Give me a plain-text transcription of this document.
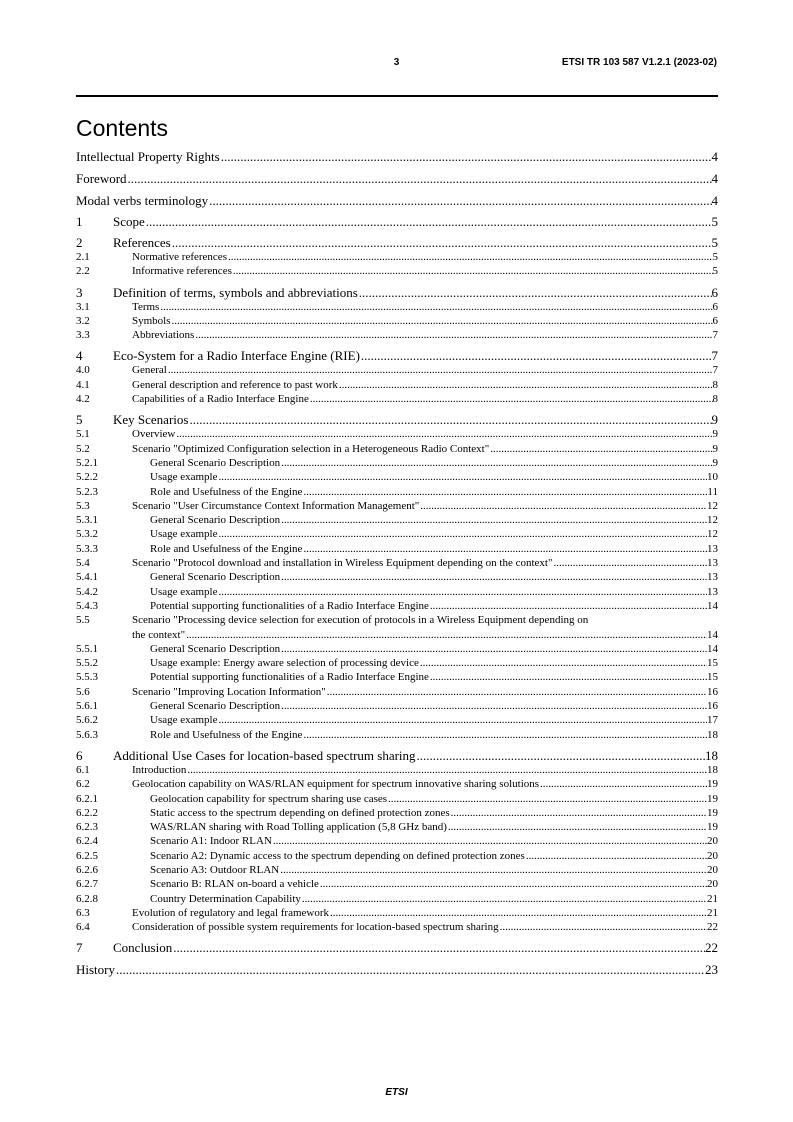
3	ETSI TR 103 587 V1.2.1 (2023-02)
Contents
Intellectual Property Rights .....	4
Foreword .....	4
Modal verbs terminology .....	4
1	Scope .....	5
2	References .....	5
2.1	Normative references .....	5
2.2	Informative references .....	5
3	Definition of terms, symbols and abbreviations .....	6
3.1	Terms .....	6
3.2	Symbols .....	6
3.3	Abbreviations .....	7
4	Eco-System for a Radio Interface Engine (RIE) .....	7
4.0	General .....	7
4.1	General description and reference to past work .....	8
4.2	Capabilities of a Radio Interface Engine .....	8
5	Key Scenarios .....	9
5.1	Overview .....	9
5.2	Scenario "Optimized Configuration selection in a Heterogeneous Radio Context" .....	9
5.2.1	General Scenario Description .....	9
5.2.2	Usage example .....	10
5.2.3	Role and Usefulness of the Engine .....	11
5.3	Scenario "User Circumstance Context Information Management" .....	12
5.3.1	General Scenario Description .....	12
5.3.2	Usage example .....	12
5.3.3	Role and Usefulness of the Engine .....	13
5.4	Scenario "Protocol download and installation in Wireless Equipment depending on the context" .....	13
5.4.1	General Scenario Description .....	13
5.4.2	Usage example .....	13
5.4.3	Potential supporting functionalities of a Radio Interface Engine .....	14
5.5	Scenario "Processing device selection for execution of protocols in a Wireless Equipment depending on
the context" .....	14
5.5.1	General Scenario Description .....	14
5.5.2	Usage example: Energy aware selection of processing device .....	15
5.5.3	Potential supporting functionalities of a Radio Interface Engine .....	15
5.6	Scenario "Improving Location Information" .....	16
5.6.1	General Scenario Description .....	16
5.6.2	Usage example .....	17
5.6.3	Role and Usefulness of the Engine .....	18
6	Additional Use Cases for location-based spectrum sharing .....	18
6.1	Introduction .....	18
6.2	Geolocation capability on WAS/RLAN equipment for spectrum innovative sharing solutions .....	19
6.2.1	Geolocation capability for spectrum sharing use cases .....	19
6.2.2	Static access to the spectrum depending on defined protection zones .....	19
6.2.3	WAS/RLAN sharing with Road Tolling application (5,8 GHz band) .....	19
6.2.4	Scenario A1: Indoor RLAN .....	20
6.2.5	Scenario A2: Dynamic access to the spectrum depending on defined protection zones .....	20
6.2.6	Scenario A3: Outdoor RLAN .....	20
6.2.7	Scenario B: RLAN on-board a vehicle .....	20
6.2.8	Country Determination Capability .....	21
6.3	Evolution of regulatory and legal framework .....	21
6.4	Consideration of possible system requirements for location-based spectrum sharing .....	22
7	Conclusion .....	22
History .....	23
ETSI
